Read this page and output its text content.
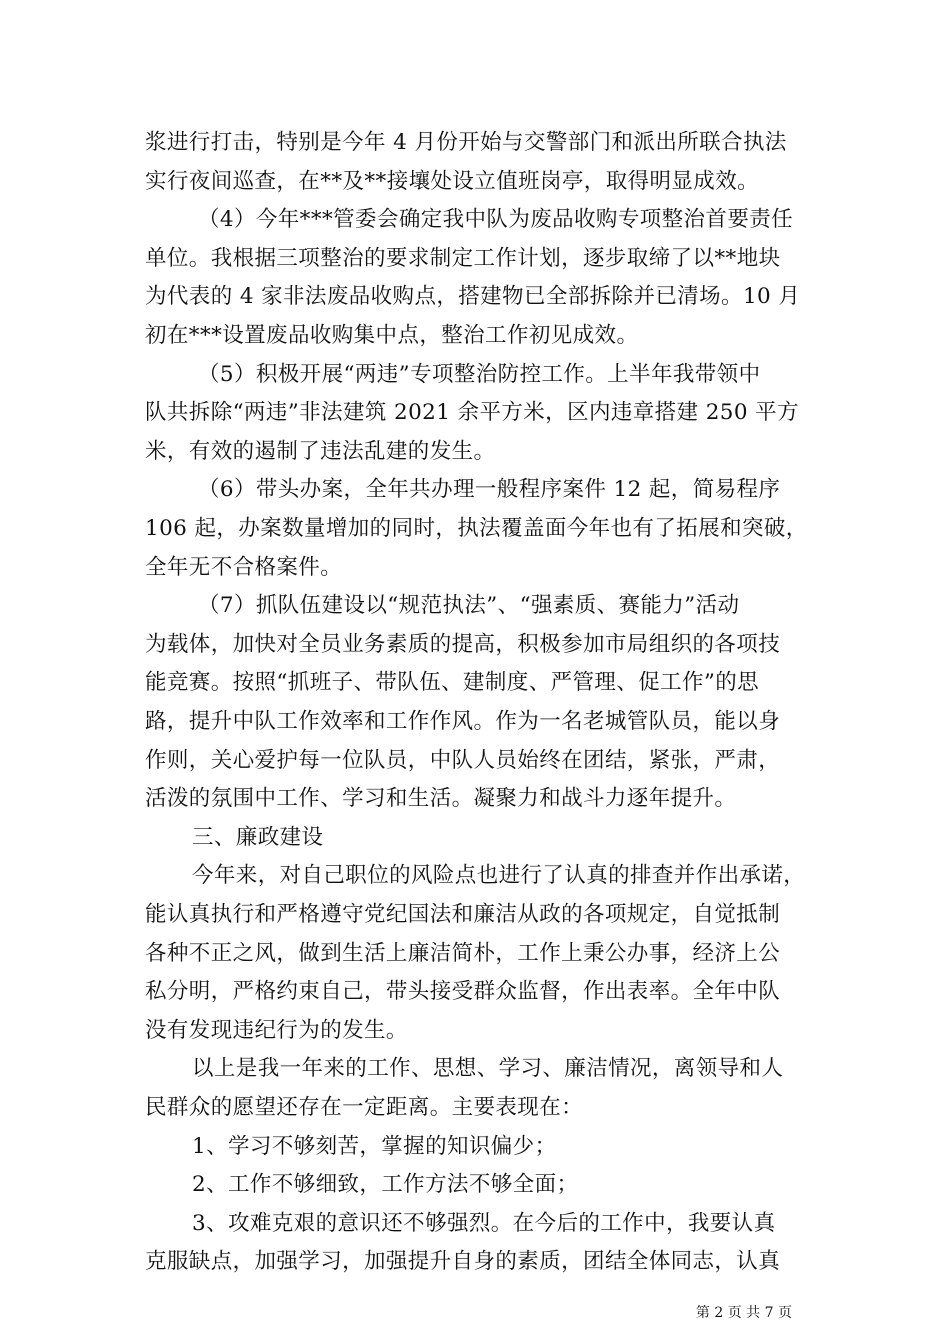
浆进行打击，特别是今年 4 月份开始与交警部门和派出所联合执法
实行夜间巡查，在**及**接壤处设立值班岗亭，取得明显成效。
（4）今年***管委会确定我中队为废品收购专项整治首要责任
单位。我根据三项整治的要求制定工作计划，逐步取缔了以**地块
为代表的 4 家非法废品收购点，搭建物已全部拆除并已清场。10 月
初在***设置废品收购集中点，整治工作初见成效。
（5）积极开展“两违”专项整治防控工作。上半年我带领中
队共拆除“两违”非法建筑 2021 余平方米，区内违章搭建 250 平方
米，有效的遏制了违法乱建的发生。
（6）带头办案，全年共办理一般程序案件 12 起，简易程序
106 起，办案数量增加的同时，执法覆盖面今年也有了拓展和突破，
全年无不合格案件。
（7）抓队伍建设以“规范执法”、“强素质、赛能力”活动
为载体，加快对全员业务素质的提高，积极参加市局组织的各项技
能竞赛。按照“抓班子、带队伍、建制度、严管理、促工作”的思
路，提升中队工作效率和工作作风。作为一名老城管队员，能以身
作则，关心爱护每一位队员，中队人员始终在团结，紧张，严肃，
活泼的氛围中工作、学习和生活。凝聚力和战斗力逐年提升。
三、廉政建设
今年来，对自己职位的风险点也进行了认真的排查并作出承诺，
能认真执行和严格遵守党纪国法和廉洁从政的各项规定，自觉抵制
各种不正之风，做到生活上廉洁简朴，工作上秉公办事，经济上公
私分明，严格约束自己，带头接受群众监督，作出表率。全年中队
没有发现违纪行为的发生。
以上是我一年来的工作、思想、学习、廉洁情况，离领导和人
民群众的愿望还存在一定距离。主要表现在：
1、学习不够刻苦，掌握的知识偏少；
2、工作不够细致，工作方法不够全面；
3、攻难克艰的意识还不够强烈。在今后的工作中，我要认真
克服缺点，加强学习，加强提升自身的素质，团结全体同志，认真
第 2 页 共 7 页
